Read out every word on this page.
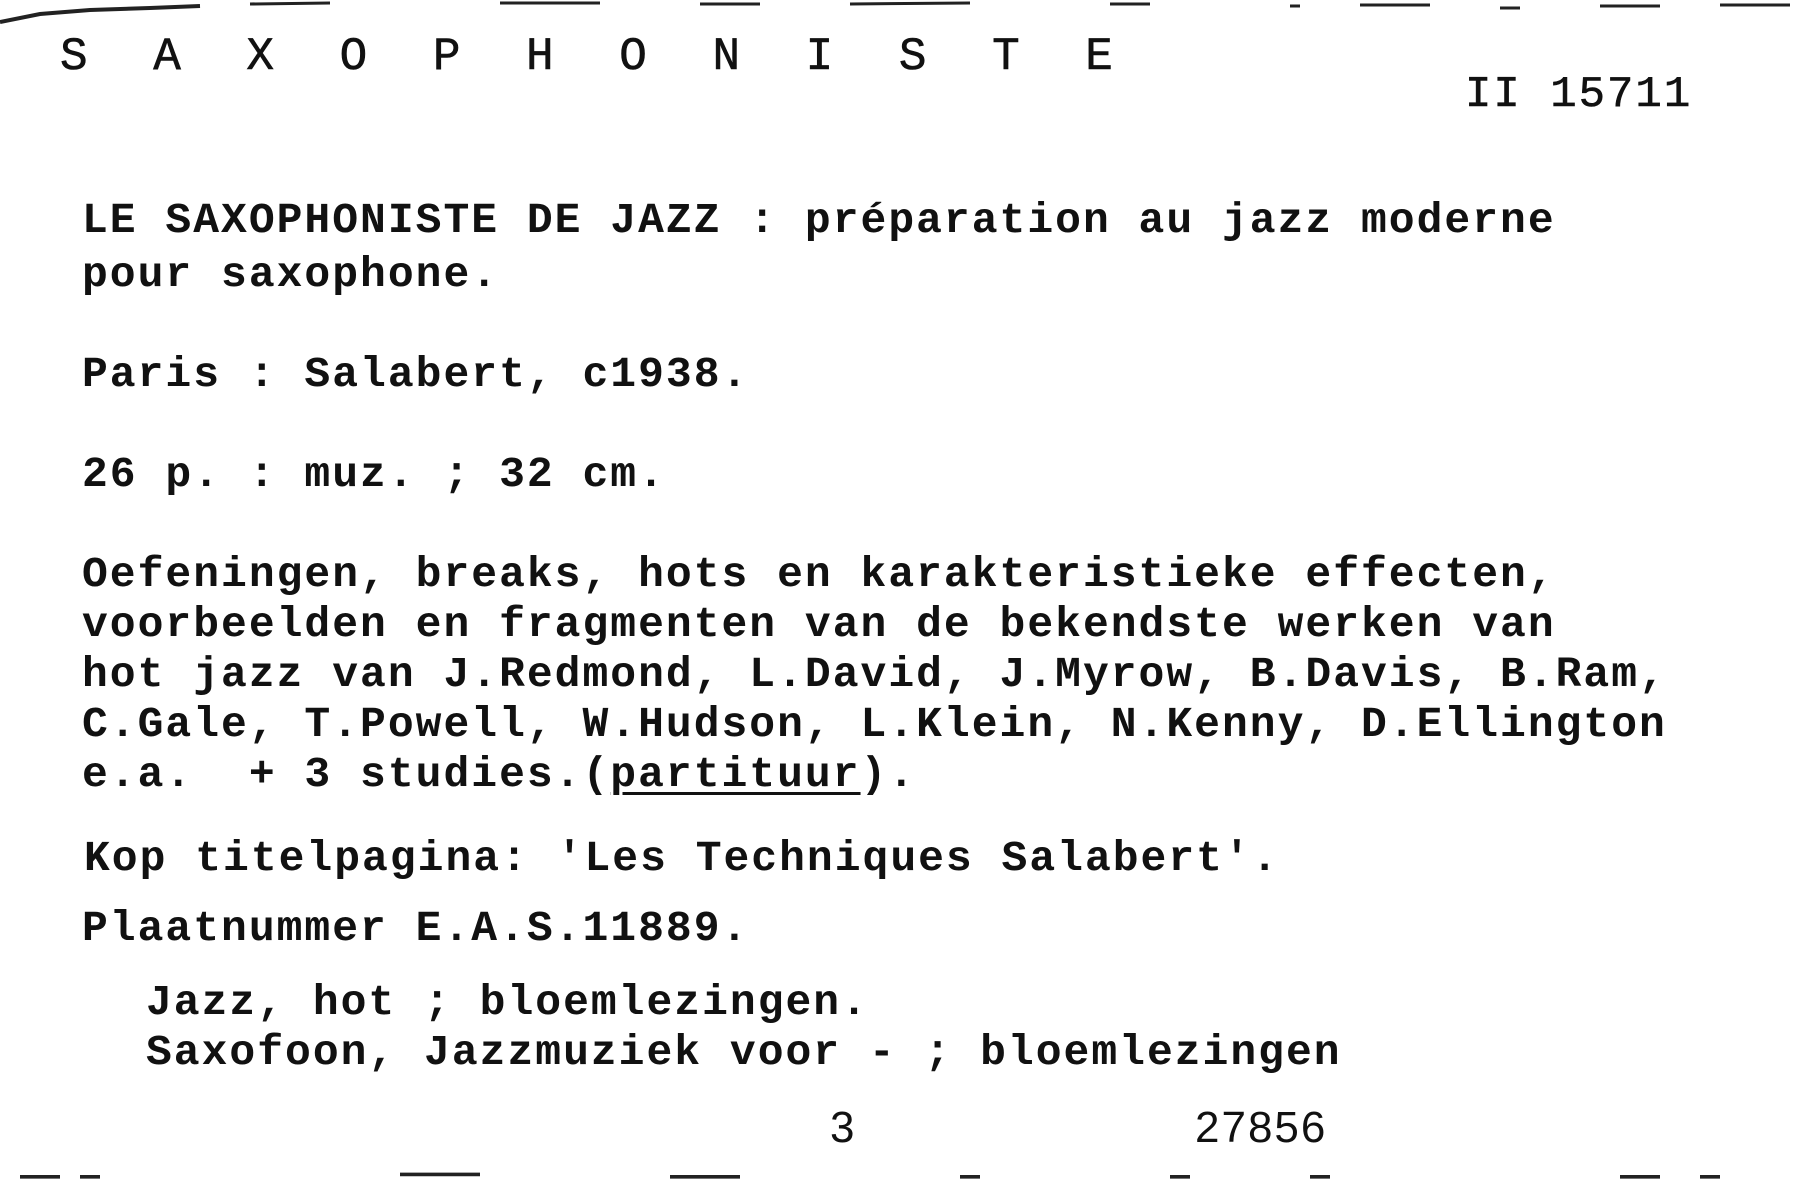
S A X O P H O N I S T E
II 15711
LE SAXOPHONISTE DE JAZZ : préparation au jazz moderne
pour saxophone.
Paris : Salabert, c1938.
26 p. : muz. ; 32 cm.
Oefeningen, breaks, hots en karakteristieke effecten,
voorbeelden en fragmenten van de bekendste werken van
hot jazz van J.Redmond, L.David, J.Myrow, B.Davis, B.Ram,
C.Gale, T.Powell, W.Hudson, L.Klein, N.Kenny, D.Ellington
e.a.  + 3 studies.(partituur).
Kop titelpagina: 'Les Techniques Salabert'.
Plaatnummer E.A.S.11889.
Jazz, hot ; bloemlezingen.
Saxofoon, Jazzmuziek voor - ; bloemlezingen
3	27856
